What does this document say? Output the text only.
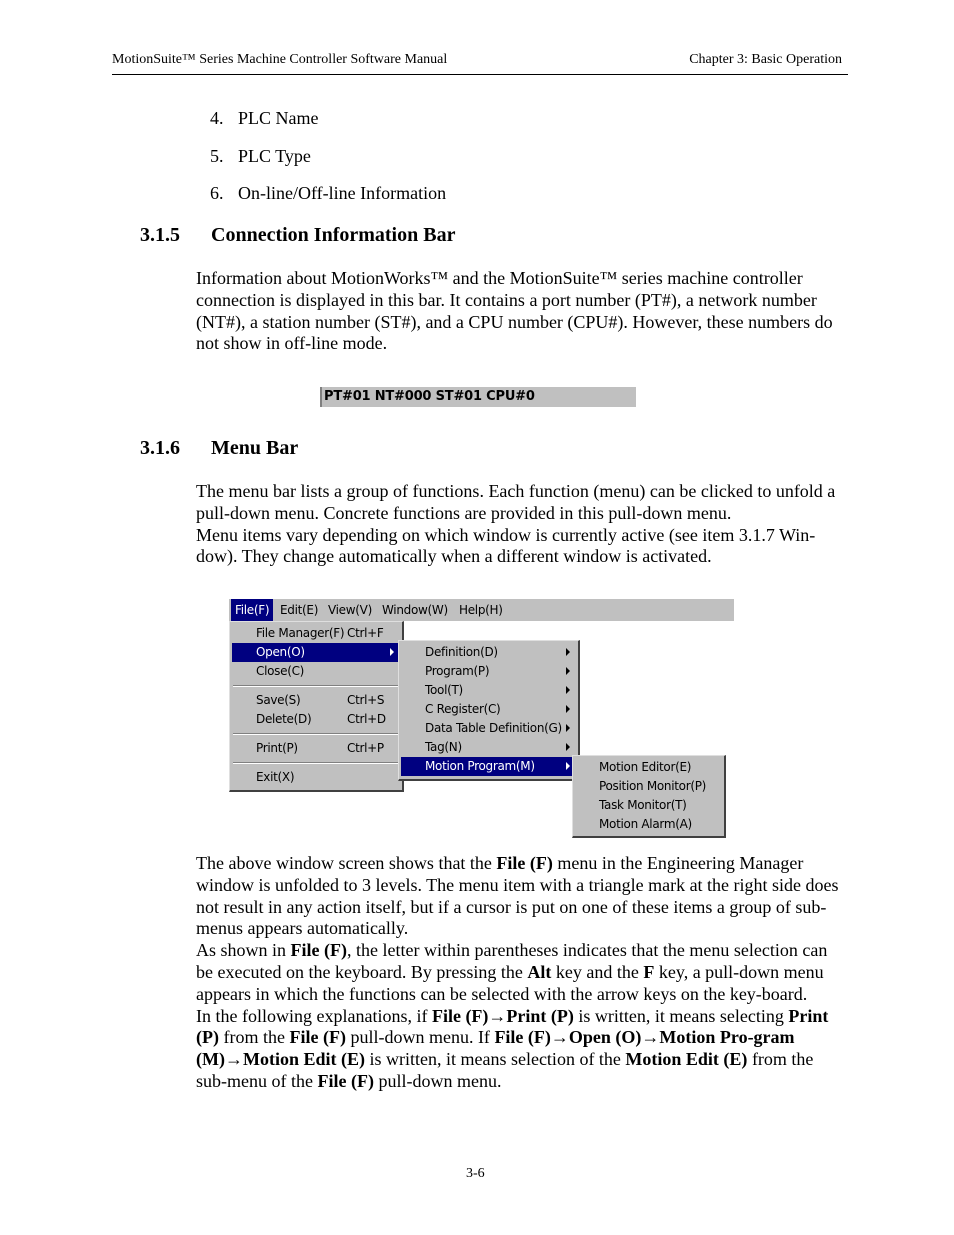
MotionSuite™ Series Machine Controller Software Manual	Chapter 3: Basic Operation
4. PLC Name
5. PLC Type
6. On-line/Off-line Information
3.1.5 Connection Information Bar

Information about MotionWorks™ and the MotionSuite™ series machine controller connection is displayed in this bar. It contains a port number (PT#), a network number (NT#), a station number (ST#), and a CPU number (CPU#). However, these numbers do not show in off-line mode.

PT#01 NT#000 ST#01 CPU#0
3.1.6 Menu Bar

The menu bar lists a group of functions. Each function (menu) can be clicked to unfold a pull-down menu. Concrete functions are provided in this pull-down menu.

Menu items vary depending on which window is currently active (see item 3.1.7 Win-dow). They change automatically when a different window is activated.

File(F) Edit(E) View(V) Window(W) Help(H)
File Manager(F) Ctrl+F
Open(O)
Close(C)
Save(S)	Ctrl+S
Delete(D)	Ctrl+D
Print(P)	Ctrl+P
Exit(X)
Definition(D)
Program(P)
Tool(T)
C Register(C)
Data Table Definition(G)
Tag(N)
Motion Program(M)	Motion Editor(E)
Position Monitor(P)
Task Monitor(T)
Motion Alarm(A)

The above window screen shows that the File (F) menu in the Engineering Manager window is unfolded to 3 levels. The menu item with a triangle mark at the right side does not result in any action itself, but if a cursor is put on one of these items a group of sub-menus appears automatically.

As shown in File (F), the letter within parentheses indicates that the menu selection can be executed on the keyboard. By pressing the Alt key and the F key, a pull-down menu appears in which the functions can be selected with the arrow keys on the key-board.

In the following explanations, if File (F)→Print (P) is written, it means selecting Print (P) from the File (F) pull-down menu. If File (F)→Open (O)→Motion Pro-gram (M)→Motion Edit (E) is written, it means selection of the Motion Edit (E) from the sub-menu of the File (F) pull-down menu.

3-6
